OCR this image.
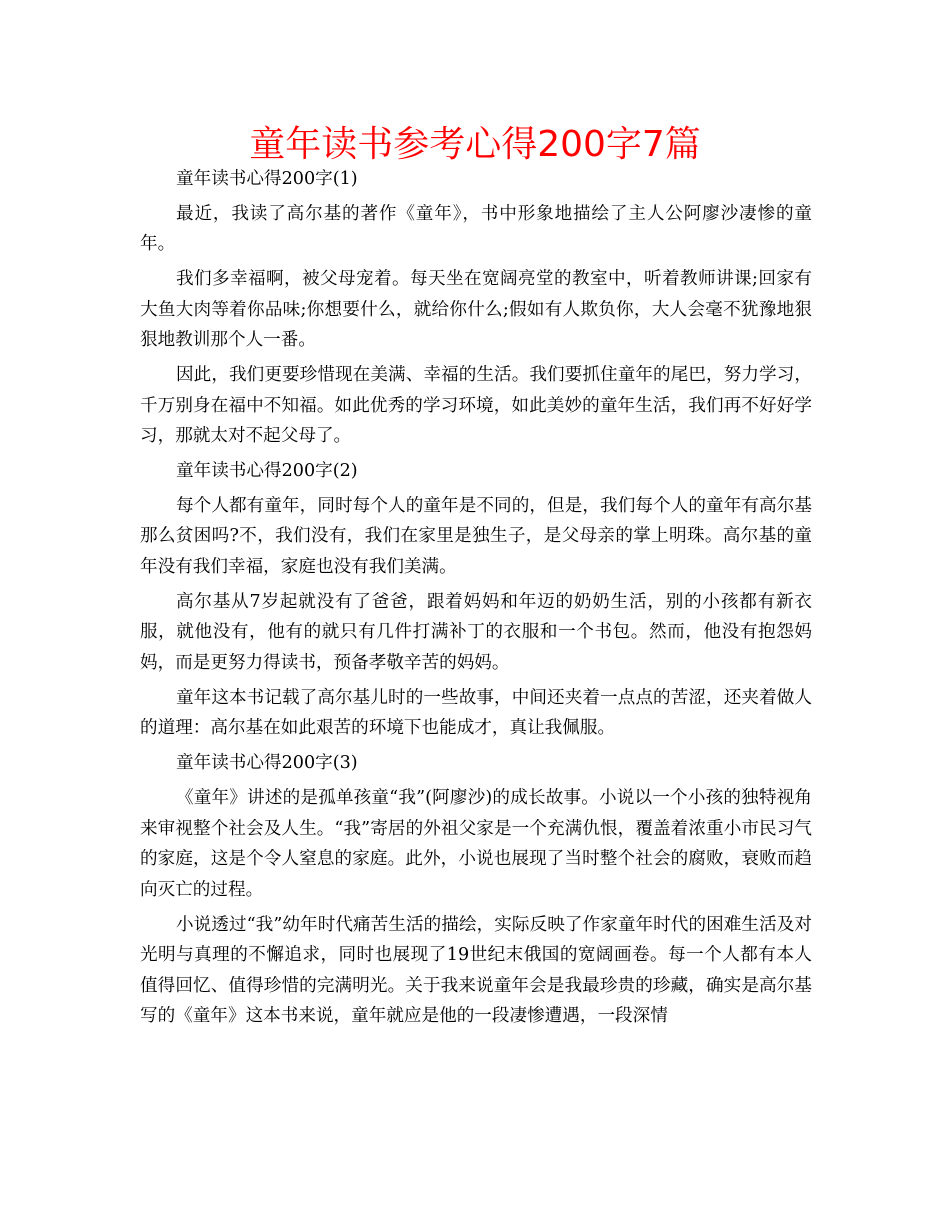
童年读书参考心得200字7篇

童年读书心得200字(1)

最近，我读了高尔基的著作《童年》，书中形象地描绘了主人公阿廖沙凄惨的童年。

我们多幸福啊，被父母宠着。每天坐在宽阔亮堂的教室中，听着教师讲课;回家有大鱼大肉等着你品味;你想要什么，就给你什么;假如有人欺负你，大人会毫不犹豫地狠狠地教训那个人一番。

因此，我们更要珍惜现在美满、幸福的生活。我们要抓住童年的尾巴，努力学习，千万别身在福中不知福。如此优秀的学习环境，如此美妙的童年生活，我们再不好好学习，那就太对不起父母了。

童年读书心得200字(2)

每个人都有童年，同时每个人的童年是不同的，但是，我们每个人的童年有高尔基那么贫困吗?不，我们没有，我们在家里是独生子，是父母亲的掌上明珠。高尔基的童年没有我们幸福，家庭也没有我们美满。

高尔基从7岁起就没有了爸爸，跟着妈妈和年迈的奶奶生活，别的小孩都有新衣服，就他没有，他有的就只有几件打满补丁的衣服和一个书包。然而，他没有抱怨妈妈，而是更努力得读书，预备孝敬辛苦的妈妈。

童年这本书记载了高尔基儿时的一些故事，中间还夹着一点点的苦涩，还夹着做人的道理：高尔基在如此艰苦的环境下也能成才，真让我佩服。

童年读书心得200字(3)

《童年》讲述的是孤单孩童“我”(阿廖沙)的成长故事。小说以一个小孩的独特视角来审视整个社会及人生。“我”寄居的外祖父家是一个充满仇恨，覆盖着浓重小市民习气的家庭，这是个令人窒息的家庭。此外，小说也展现了当时整个社会的腐败，衰败而趋向灭亡的过程。

小说透过“我”幼年时代痛苦生活的描绘，实际反映了作家童年时代的困难生活及对光明与真理的不懈追求，同时也展现了19世纪末俄国的宽阔画卷。每一个人都有本人值得回忆、值得珍惜的完满明光。关于我来说童年会是我最珍贵的珍藏，确实是高尔基写的《童年》这本书来说，童年就应是他的一段凄惨遭遇，一段深情
